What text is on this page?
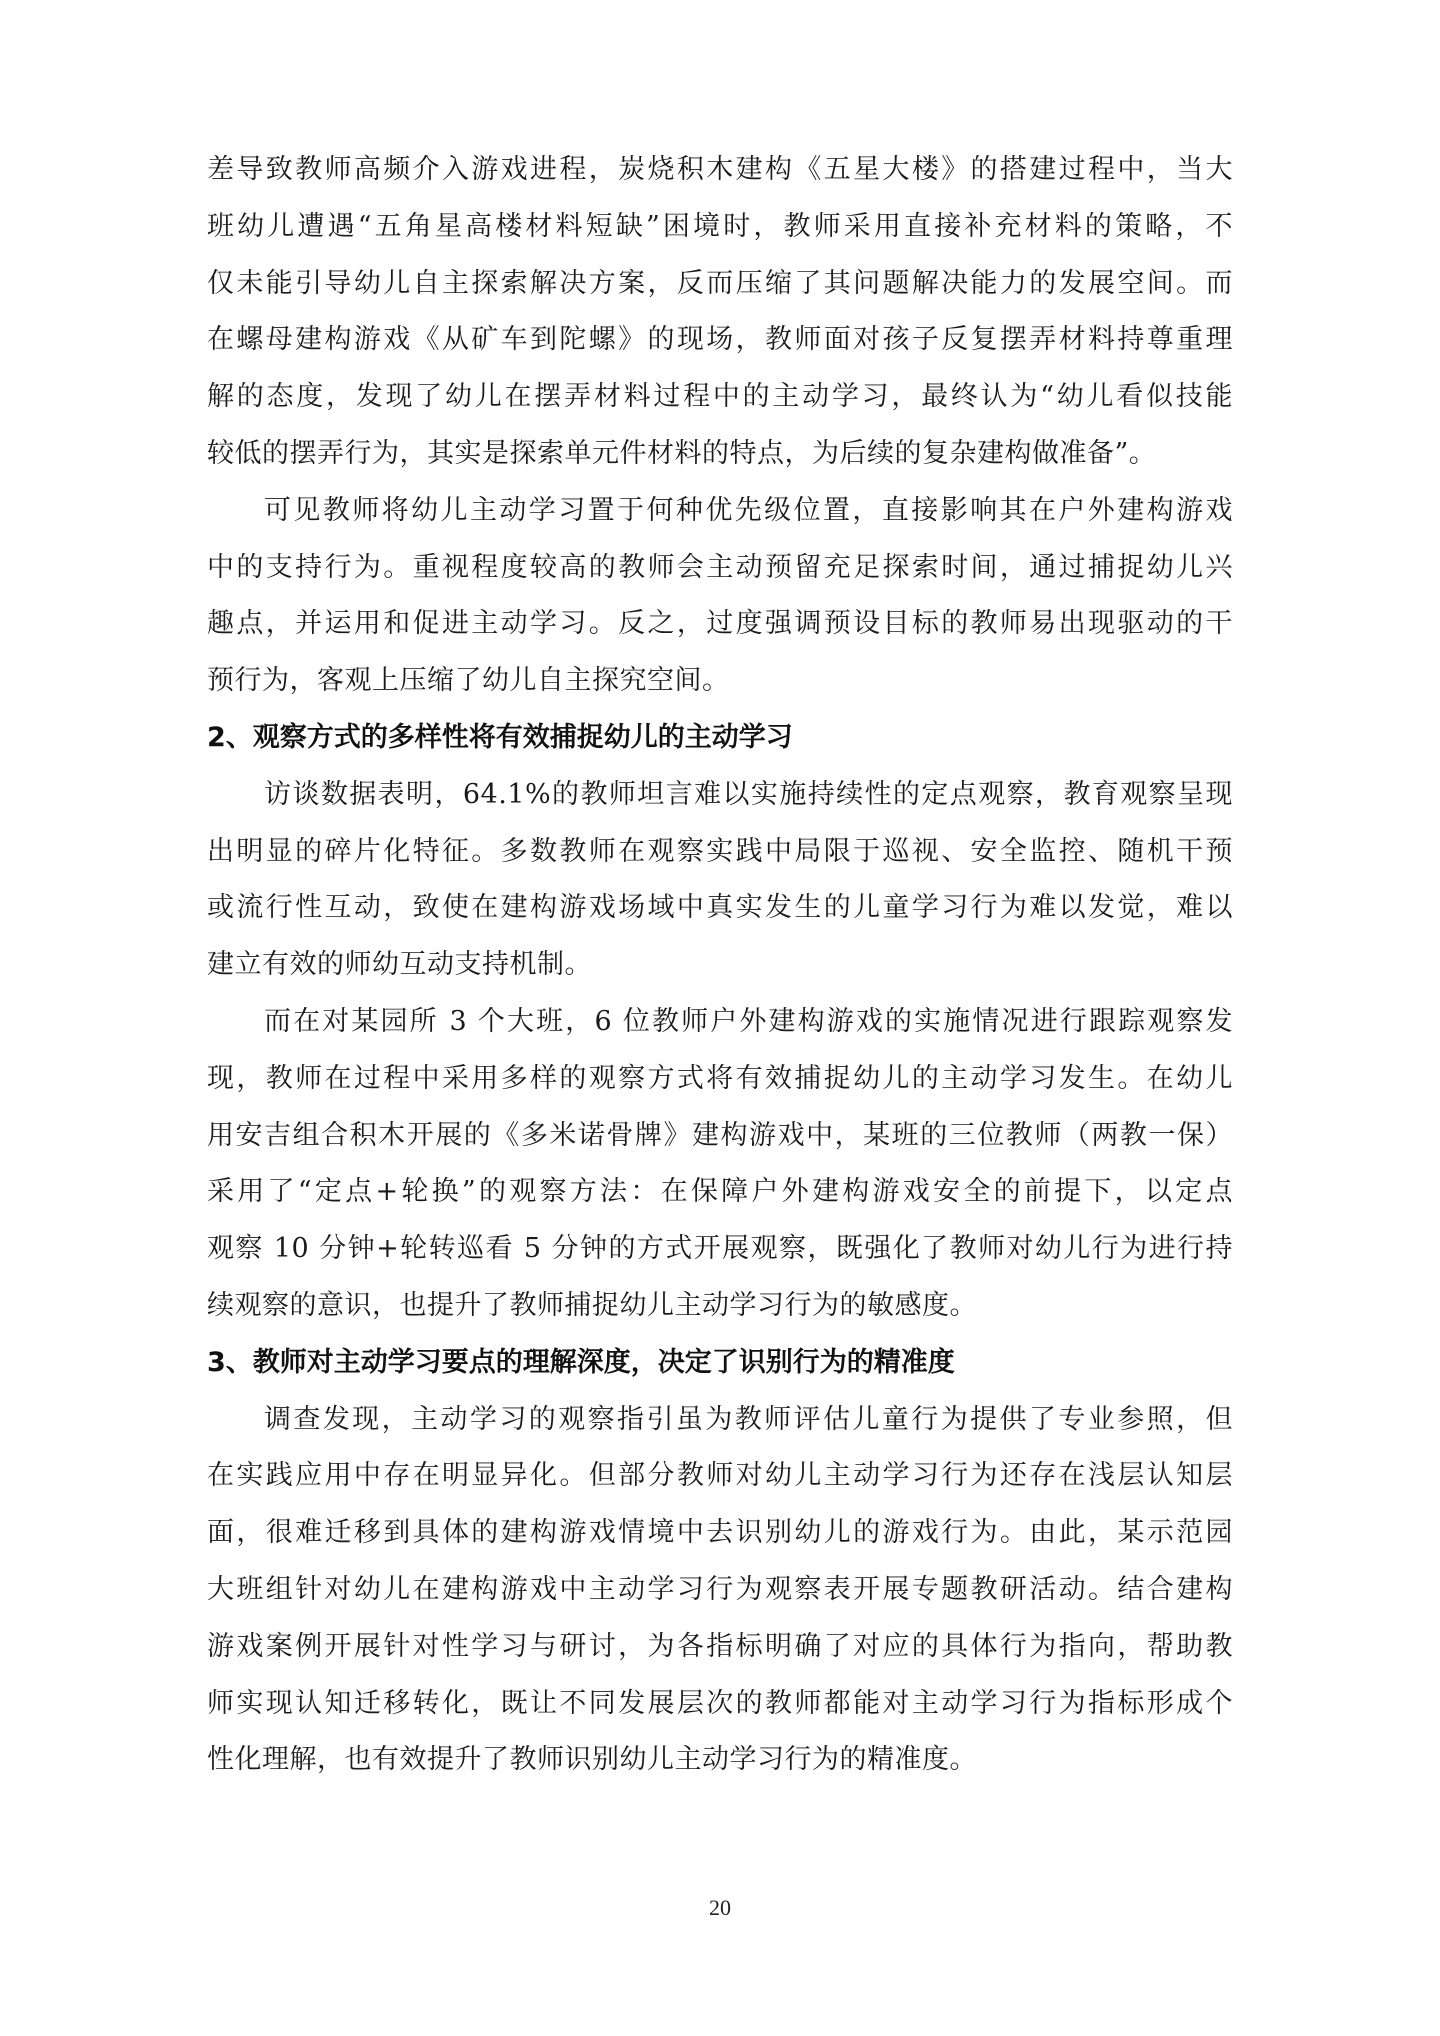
差导致教师高频介入游戏进程，炭烧积木建构《五星大楼》的搭建过程中，当大
班幼儿遭遇“五角星高楼材料短缺”困境时，教师采用直接补充材料的策略，不
仅未能引导幼儿自主探索解决方案，反而压缩了其问题解决能力的发展空间。而
在螺母建构游戏《从矿车到陀螺》的现场，教师面对孩子反复摆弄材料持尊重理
解的态度，发现了幼儿在摆弄材料过程中的主动学习，最终认为“幼儿看似技能
较低的摆弄行为，其实是探索单元件材料的特点，为后续的复杂建构做准备”。
可见教师将幼儿主动学习置于何种优先级位置，直接影响其在户外建构游戏
中的支持行为。重视程度较高的教师会主动预留充足探索时间，通过捕捉幼儿兴
趣点，并运用和促进主动学习。反之，过度强调预设目标的教师易出现驱动的干
预行为，客观上压缩了幼儿自主探究空间。
2、观察方式的多样性将有效捕捉幼儿的主动学习
访谈数据表明，64.1%的教师坦言难以实施持续性的定点观察，教育观察呈现
出明显的碎片化特征。多数教师在观察实践中局限于巡视、安全监控、随机干预
或流行性互动，致使在建构游戏场域中真实发生的儿童学习行为难以发觉，难以
建立有效的师幼互动支持机制。
而在对某园所 3 个大班，6 位教师户外建构游戏的实施情况进行跟踪观察发
现，教师在过程中采用多样的观察方式将有效捕捉幼儿的主动学习发生。在幼儿
用安吉组合积木开展的《多米诺骨牌》建构游戏中，某班的三位教师（两教一保）
采用了“定点+轮换”的观察方法：在保障户外建构游戏安全的前提下，以定点
观察 10 分钟+轮转巡看 5 分钟的方式开展观察，既强化了教师对幼儿行为进行持
续观察的意识，也提升了教师捕捉幼儿主动学习行为的敏感度。
3、教师对主动学习要点的理解深度，决定了识别行为的精准度
调查发现，主动学习的观察指引虽为教师评估儿童行为提供了专业参照，但
在实践应用中存在明显异化。但部分教师对幼儿主动学习行为还存在浅层认知层
面，很难迁移到具体的建构游戏情境中去识别幼儿的游戏行为。由此，某示范园
大班组针对幼儿在建构游戏中主动学习行为观察表开展专题教研活动。结合建构
游戏案例开展针对性学习与研讨，为各指标明确了对应的具体行为指向，帮助教
师实现认知迁移转化，既让不同发展层次的教师都能对主动学习行为指标形成个
性化理解，也有效提升了教师识别幼儿主动学习行为的精准度。
20
